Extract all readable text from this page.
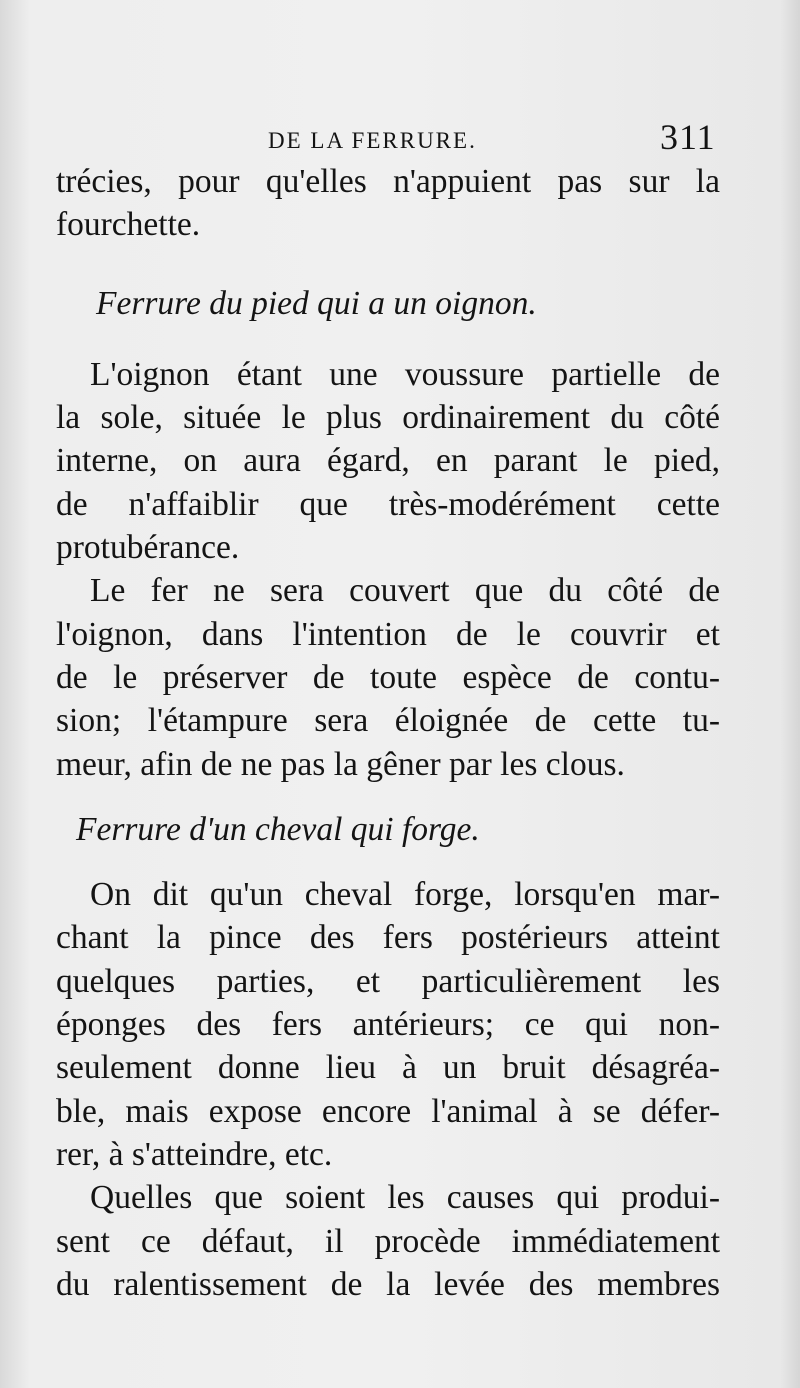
DE LA FERRURE.	311

trécies, pour qu'elles n'appuient pas sur la
fourchette.

Ferrure du pied qui a un oignon.

L'oignon étant une voussure partielle de
la sole, située le plus ordinairement du côté
interne, on aura égard, en parant le pied,
de n'affaiblir que très-modérément cette
protubérance.

Le fer ne sera couvert que du côté de
l'oignon, dans l'intention de le couvrir et
de le préserver de toute espèce de contu-
sion; l'étampure sera éloignée de cette tu-
meur, afin de ne pas la gêner par les clous.

Ferrure d'un cheval qui forge.

On dit qu'un cheval forge, lorsqu'en mar-
chant la pince des fers postérieurs atteint
quelques parties, et particulièrement les
éponges des fers antérieurs; ce qui non-
seulement donne lieu à un bruit désagréa-
ble, mais expose encore l'animal à se défer-
rer, à s'atteindre, etc.

Quelles que soient les causes qui produi-
sent ce défaut, il procède immédiatement
du ralentissement de la levée des membres
